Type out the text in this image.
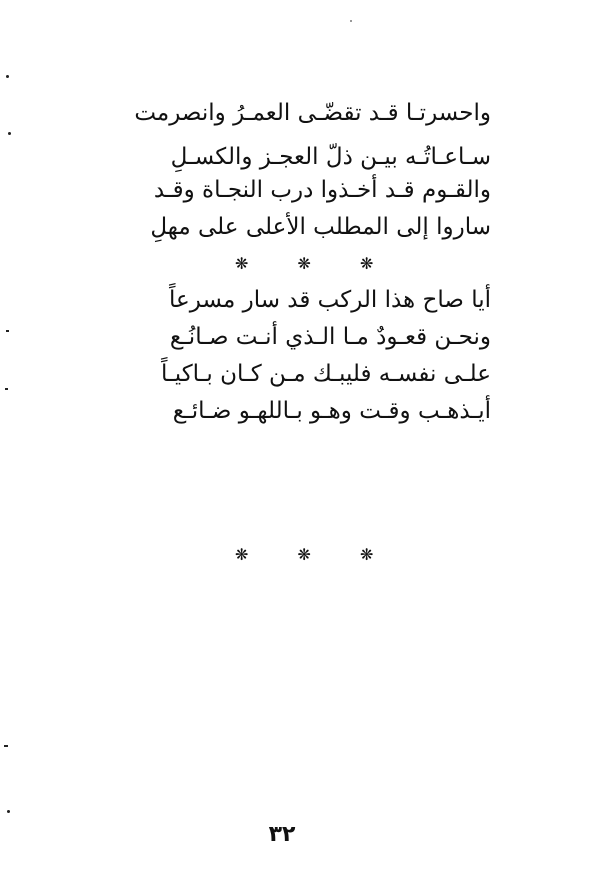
واحسرتـا قـد تقضّـى العمـرُ وانصرمت
سـاعـاتُـه بيـن ذلّ العجـز والكسـلِ
والقـوم قـد أخـذوا درب النجـاة وقـد
ساروا إلى المطلب الأعلى على مهلِ
❋ ❋ ❋
أيا صاح هذا الركب قد سار مسرعاً
ونحـن قعـودٌ مـا الـذي أنـت صـانُـع
علـى نفسـه فليبـك مـن كـان بـاكيـاً
أيـذهـب وقـت وهـو بـاللهـو ضـائـع
❋ ❋ ❋
٣٢
